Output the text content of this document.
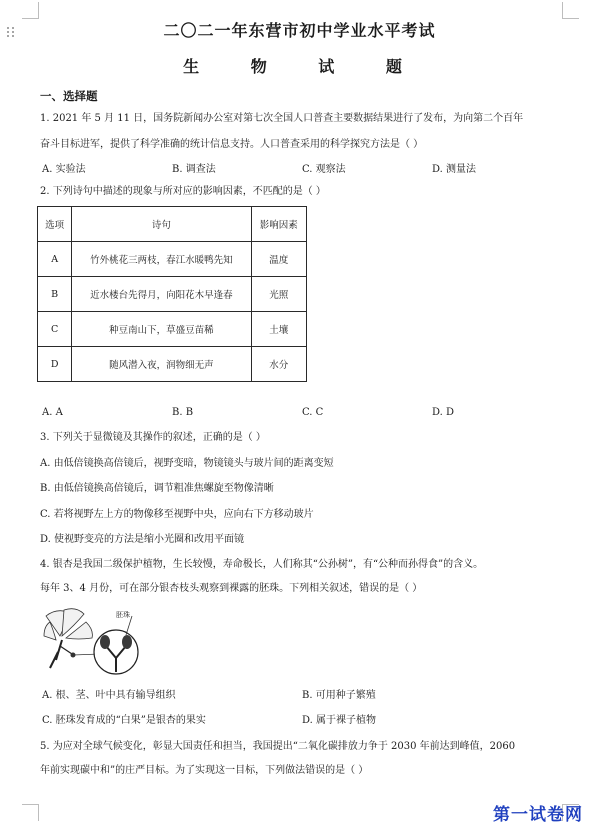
二〇二一年东营市初中学业水平考试
生 物 试 题
一、选择题
1. 2021 年 5 月 11 日，国务院新闻办公室对第七次全国人口普查主要数据结果进行了发布，为向第二个百年
奋斗目标进军，提供了科学准确的统计信息支持。人口普查采用的科学探究方法是（ ）
A. 实验法	B. 调查法	C. 观察法	D. 测量法
2. 下列诗句中描述的现象与所对应的影响因素，不匹配的是（ ）
选项	诗句	影响因素
A	竹外桃花三两枝，春江水暖鸭先知	温度
B	近水楼台先得月，向阳花木早逢春	光照
C	种豆南山下，草盛豆苗稀	土壤
D	随风潜入夜，润物细无声	水分
A. A	B. B	C. C	D. D
3. 下列关于显微镜及其操作的叙述，正确的是（ ）
A. 由低倍镜换高倍镜后，视野变暗，物镜镜头与玻片间的距离变短
B. 由低倍镜换高倍镜后，调节粗准焦螺旋至物像清晰
C. 若将视野左上方的物像移至视野中央，应向右下方移动玻片
D. 使视野变亮的方法是缩小光圈和改用平面镜
4. 银杏是我国二级保护植物，生长较慢，寿命极长，人们称其“公孙树”，有“公种而孙得食”的含义。
每年 3、4 月份，可在部分银杏枝头观察到裸露的胚珠。下列相关叙述，错误的是（ ）
胚珠
A. 根、茎、叶中具有输导组织	B. 可用种子繁殖
C. 胚珠发育成的“白果”是银杏的果实	D. 属于裸子植物
5. 为应对全球气候变化，彰显大国责任和担当，我国提出“二氧化碳排放力争于 2030 年前达到峰值，2060
年前实现碳中和”的庄严目标。为了实现这一目标，下列做法错误的是（ ）
第一试卷网
